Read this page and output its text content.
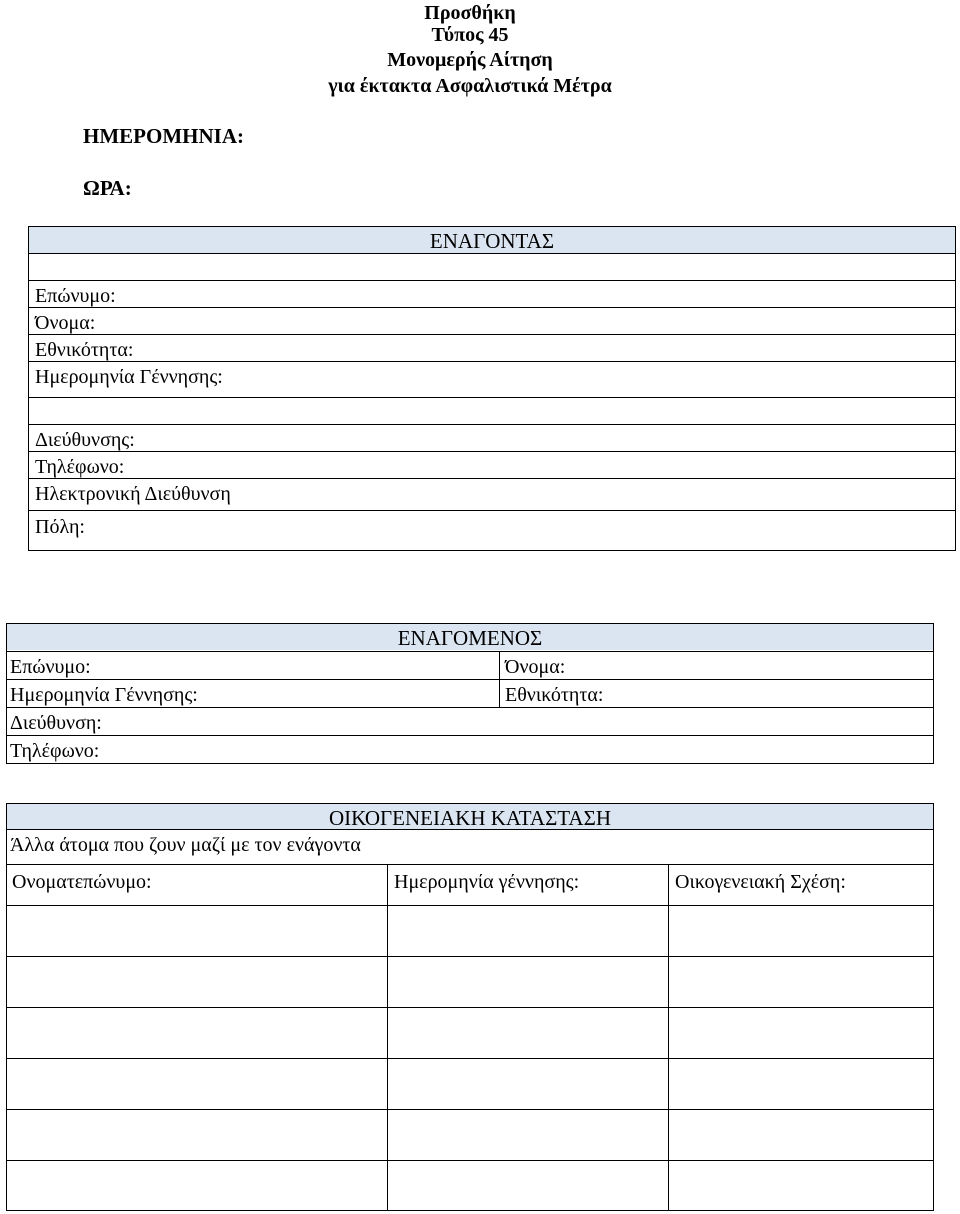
Προσθήκη
Τύπος 45
Μονομερής Αίτηση
για έκτακτα Ασφαλιστικά Μέτρα
ΗΜΕΡΟΜΗΝΙΑ:
ΩΡΑ:
ΕΝΑΓΟΝΤΑΣ
Επώνυμο:
Όνομα:
Εθνικότητα:
Ημερομηνία Γέννησης:
Διεύθυνσης:
Τηλέφωνο:
Ηλεκτρονική Διεύθυνση
Πόλη:
ΕΝΑΓΟΜΕΝΟΣ
Επώνυμο:	Όνομα:
Ημερομηνία Γέννησης:	Εθνικότητα:
Διεύθυνση:
Τηλέφωνο:
ΟΙΚΟΓΕΝΕΙΑΚΗ ΚΑΤΑΣΤΑΣΗ
Άλλα άτομα που ζουν μαζί με τον ενάγοντα
Ονοματεπώνυμο:	Ημερομηνία γέννησης:	Οικογενειακή Σχέση:
